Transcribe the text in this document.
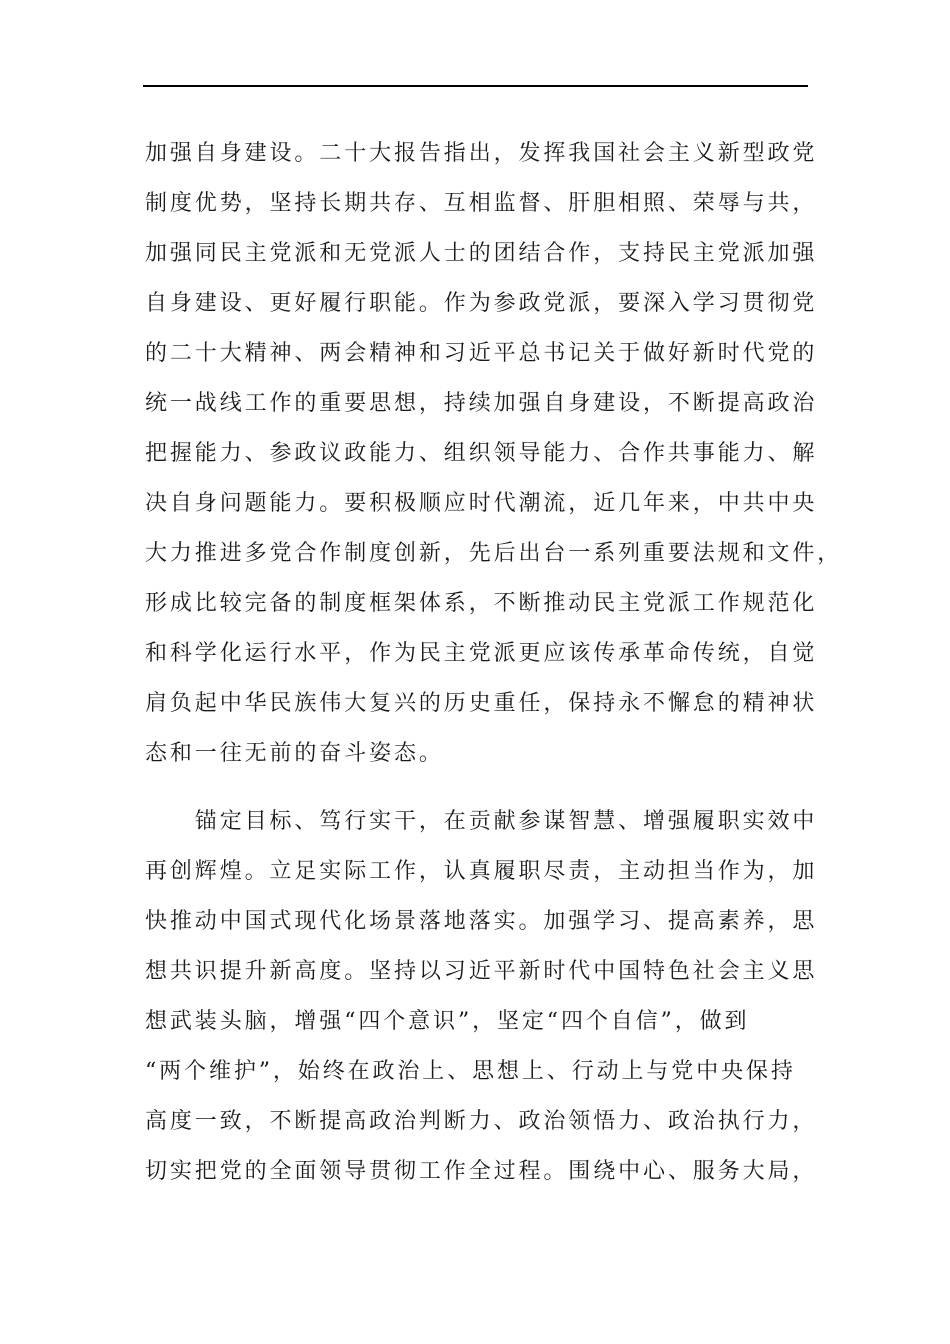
加强自身建设。二十大报告指出，发挥我国社会主义新型政党
制度优势，坚持长期共存、互相监督、肝胆相照、荣辱与共，
加强同民主党派和无党派人士的团结合作，支持民主党派加强
自身建设、更好履行职能。作为参政党派，要深入学习贯彻党
的二十大精神、两会精神和习近平总书记关于做好新时代党的
统一战线工作的重要思想，持续加强自身建设，不断提高政治
把握能力、参政议政能力、组织领导能力、合作共事能力、解
决自身问题能力。要积极顺应时代潮流，近几年来，中共中央
大力推进多党合作制度创新，先后出台一系列重要法规和文件，
形成比较完备的制度框架体系，不断推动民主党派工作规范化
和科学化运行水平，作为民主党派更应该传承革命传统，自觉
肩负起中华民族伟大复兴的历史重任，保持永不懈怠的精神状
态和一往无前的奋斗姿态。
　　锚定目标、笃行实干，在贡献参谋智慧、增强履职实效中
再创辉煌。立足实际工作，认真履职尽责，主动担当作为，加
快推动中国式现代化场景落地落实。加强学习、提高素养，思
想共识提升新高度。坚持以习近平新时代中国特色社会主义思
想武装头脑，增强“四个意识”，坚定“四个自信”，做到
“两个维护”，始终在政治上、思想上、行动上与党中央保持
高度一致，不断提高政治判断力、政治领悟力、政治执行力，
切实把党的全面领导贯彻工作全过程。围绕中心、服务大局，
